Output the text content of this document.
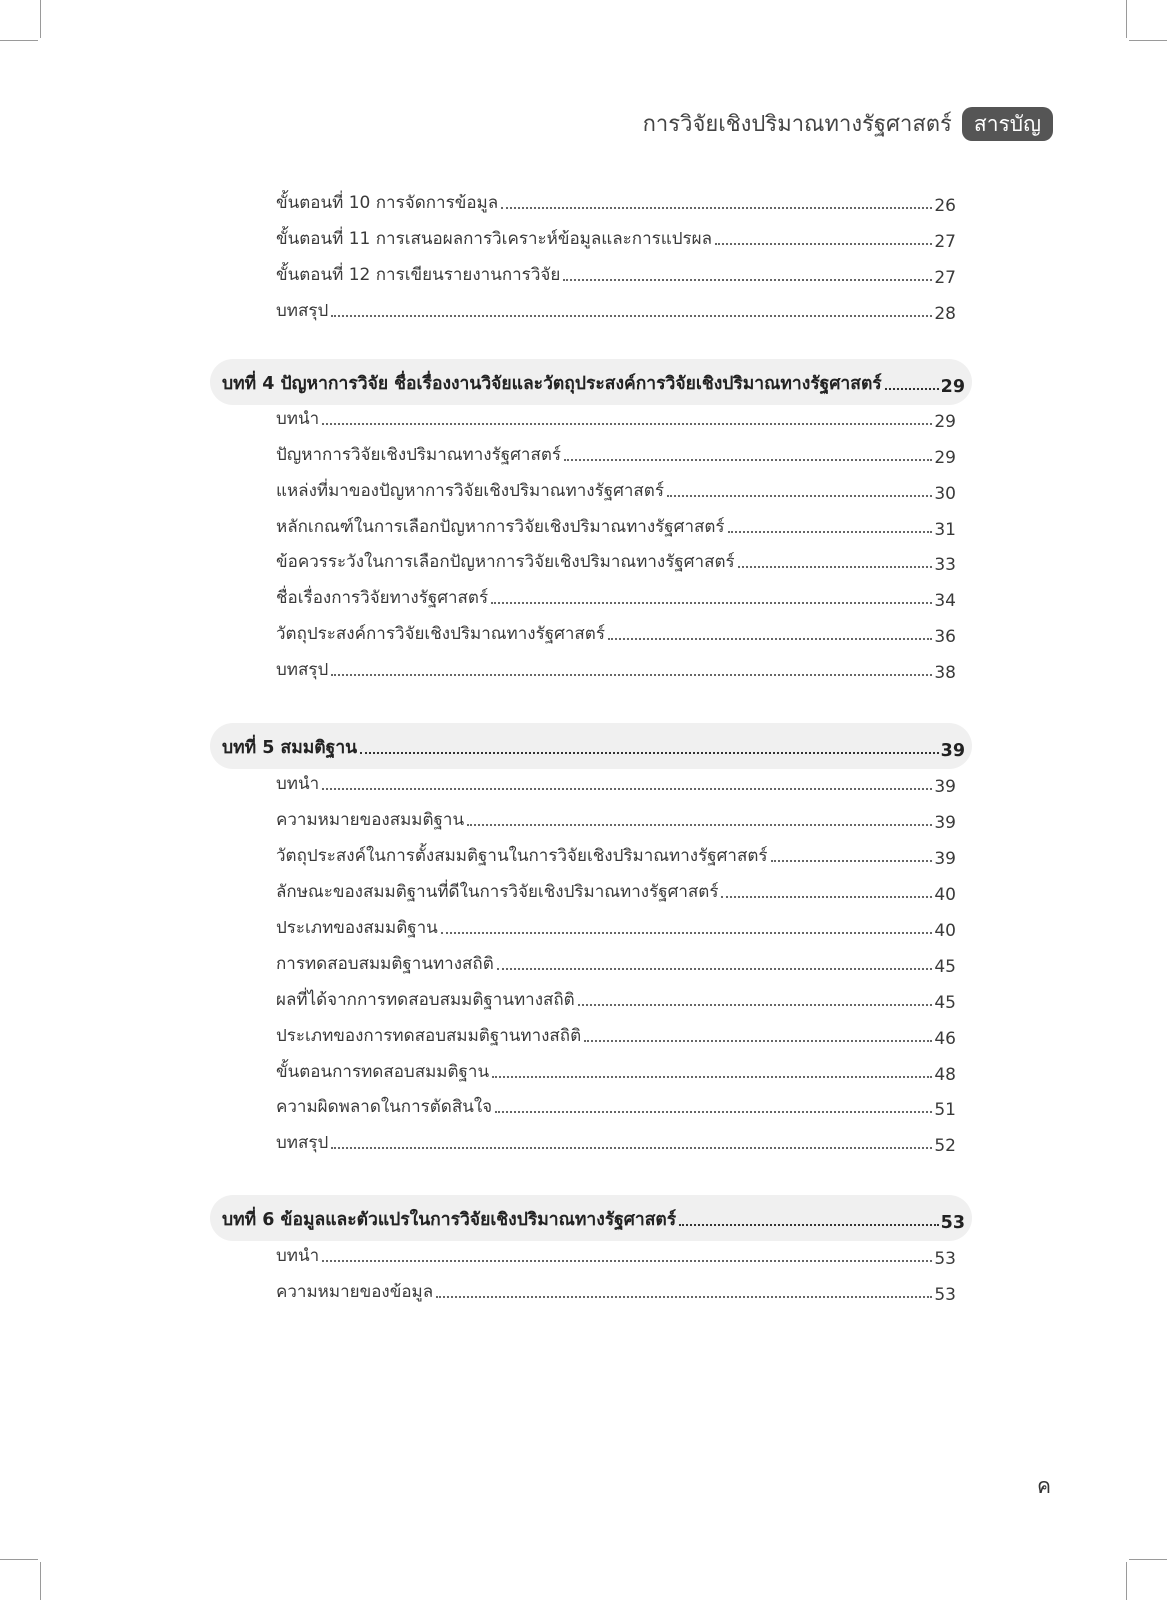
การวิจัยเชิงปริมาณทางรัฐศาสตร์	สารบัญ
ขั้นตอนที่ 10 การจัดการข้อมูล	26
ขั้นตอนที่ 11 การเสนอผลการวิเคราะห์ข้อมูลและการแปรผล	27
ขั้นตอนที่ 12 การเขียนรายงานการวิจัย	27
บทสรุป	28
บทที่ 4 ปัญหาการวิจัย ชื่อเรื่องงานวิจัยและวัตถุประสงค์การวิจัยเชิงปริมาณทางรัฐศาสตร์	29
บทนำ	29
ปัญหาการวิจัยเชิงปริมาณทางรัฐศาสตร์	29
แหล่งที่มาของปัญหาการวิจัยเชิงปริมาณทางรัฐศาสตร์	30
หลักเกณฑ์ในการเลือกปัญหาการวิจัยเชิงปริมาณทางรัฐศาสตร์	31
ข้อควรระวังในการเลือกปัญหาการวิจัยเชิงปริมาณทางรัฐศาสตร์	33
ชื่อเรื่องการวิจัยทางรัฐศาสตร์	34
วัตถุประสงค์การวิจัยเชิงปริมาณทางรัฐศาสตร์	36
บทสรุป	38
บทที่ 5 สมมติฐาน	39
บทนำ	39
ความหมายของสมมติฐาน	39
วัตถุประสงค์ในการตั้งสมมติฐานในการวิจัยเชิงปริมาณทางรัฐศาสตร์	39
ลักษณะของสมมติฐานที่ดีในการวิจัยเชิงปริมาณทางรัฐศาสตร์	40
ประเภทของสมมติฐาน	40
การทดสอบสมมติฐานทางสถิติ	45
ผลที่ได้จากการทดสอบสมมติฐานทางสถิติ	45
ประเภทของการทดสอบสมมติฐานทางสถิติ	46
ขั้นตอนการทดสอบสมมติฐาน	48
ความผิดพลาดในการตัดสินใจ	51
บทสรุป	52
บทที่ 6 ข้อมูลและตัวแปรในการวิจัยเชิงปริมาณทางรัฐศาสตร์	53
บทนำ	53
ความหมายของข้อมูล	53
ค
